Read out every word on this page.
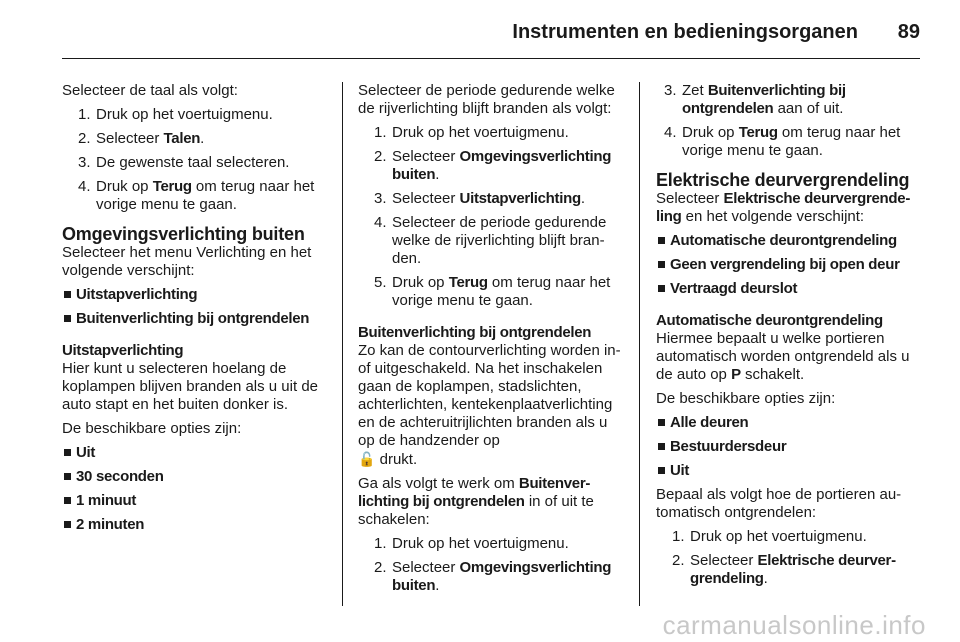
Instrumenten en bedieningsorganen 89

Selecteer de taal als volgt:

1. Druk op het voertuigmenu.
2. Selecteer Talen.
3. De gewenste taal selecteren.
4. Druk op Terug om terug naar het vorige menu te gaan.
Omgevingsverlichting buiten

Selecteer het menu Verlichting en het volgende verschijnt:

Uitstapverlichting
Buitenverlichting bij ontgrendelen

Uitstapverlichting

Hier kunt u selecteren hoelang de koplampen blijven branden als u uit de auto stapt en het buiten donker is.

De beschikbare opties zijn:

Uit
30 seconden
1 minuut
2 minuten

Selecteer de periode gedurende welke de rijverlichting blijft branden als volgt:

1. Druk op het voertuigmenu.
2. Selecteer Omgevingsverlichting buiten.
3. Selecteer Uitstapverlichting.
4. Selecteer de periode gedurende welke de rijverlichting blijft branden.
5. Druk op Terug om terug naar het vorige menu te gaan.

Buitenverlichting bij ontgrendelen

Zo kan de contourverlichting worden in- of uitgeschakeld. Na het inschakelen gaan de koplampen, stadslichten, achterlichten, kentekenplaatverlichting en de achteruitrijlichten branden als u op de handzender op
🔓 drukt.

Ga als volgt te werk om Buitenverlichting bij ontgrendelen in of uit te schakelen:

1. Druk op het voertuigmenu.
2. Selecteer Omgevingsverlichting buiten.
3. Zet Buitenverlichting bij ontgrendelen aan of uit.
4. Druk op Terug om terug naar het vorige menu te gaan.
Elektrische deurvergrendeling

Selecteer Elektrische deurvergrendeling en het volgende verschijnt:

Automatische deurontgrendeling
Geen vergrendeling bij open deur
Vertraagd deurslot

Automatische deurontgrendeling

Hiermee bepaalt u welke portieren automatisch worden ontgrendeld als u de auto op P schakelt.

De beschikbare opties zijn:

Alle deuren
Bestuurdersdeur
Uit

Bepaal als volgt hoe de portieren automatisch ontgrendelen:

1. Druk op het voertuigmenu.
2. Selecteer Elektrische deurvergrendeling.
carmanualsonline.info
